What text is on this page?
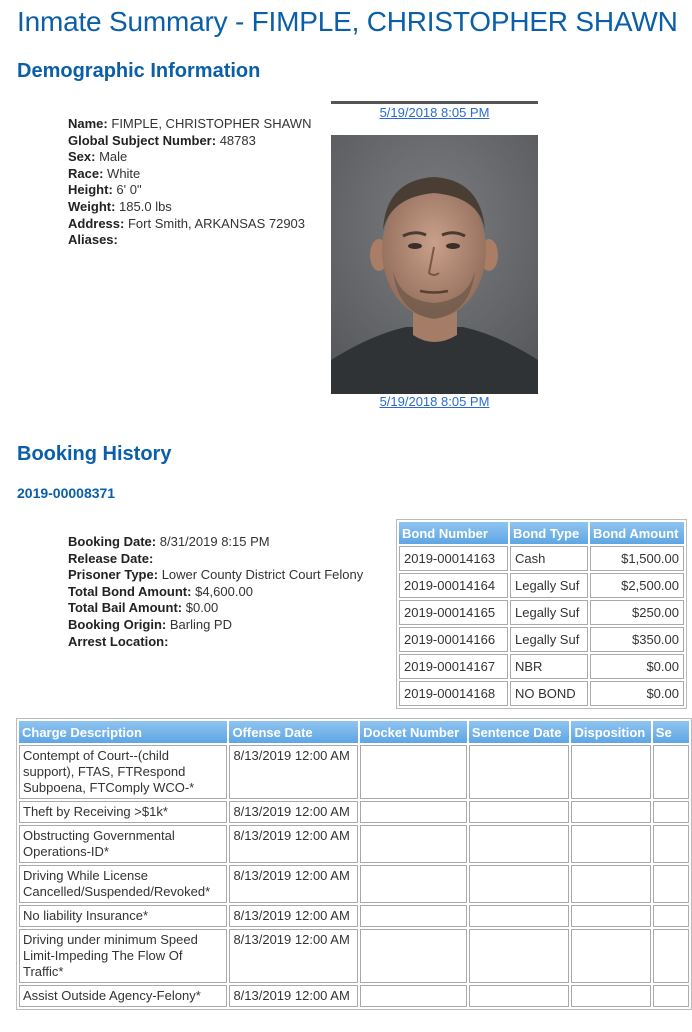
Inmate Summary - FIMPLE, CHRISTOPHER SHAWN
Demographic Information
Name: FIMPLE, CHRISTOPHER SHAWN
Global Subject Number: 48783
Sex: Male
Race: White
Height: 6' 0"
Weight: 185.0 lbs
Address: Fort Smith, ARKANSAS 72903
Aliases:
5/19/2018 8:05 PM
5/19/2018 8:05 PM
Booking History
2019-00008371
Booking Date: 8/31/2019 8:15 PM
Release Date:
Prisoner Type: Lower County District Court Felony
Total Bond Amount: $4,600.00
Total Bail Amount: $0.00
Booking Origin: Barling PD
Arrest Location:
Bond Number	Bond Type	Bond Amount
2019-00014163	Cash	$1,500.00
2019-00014164	Legally Suf	$2,500.00
2019-00014165	Legally Suf	$250.00
2019-00014166	Legally Suf	$350.00
2019-00014167	NBR	$0.00
2019-00014168	NO BOND	$0.00
Charge Description	Offense Date	Docket Number	Sentence Date	Disposition	Se
Contempt of Court--(child support), FTAS, FTRespond Subpoena, FTComply WCO-*	8/13/2019 12:00 AM				
Theft by Receiving >$1k*	8/13/2019 12:00 AM				
Obstructing Governmental Operations-ID*	8/13/2019 12:00 AM				
Driving While License Cancelled/Suspended/Revoked*	8/13/2019 12:00 AM				
No liability Insurance*	8/13/2019 12:00 AM				
Driving under minimum Speed Limit-Impeding The Flow Of Traffic*	8/13/2019 12:00 AM				
Assist Outside Agency-Felony*	8/13/2019 12:00 AM				
